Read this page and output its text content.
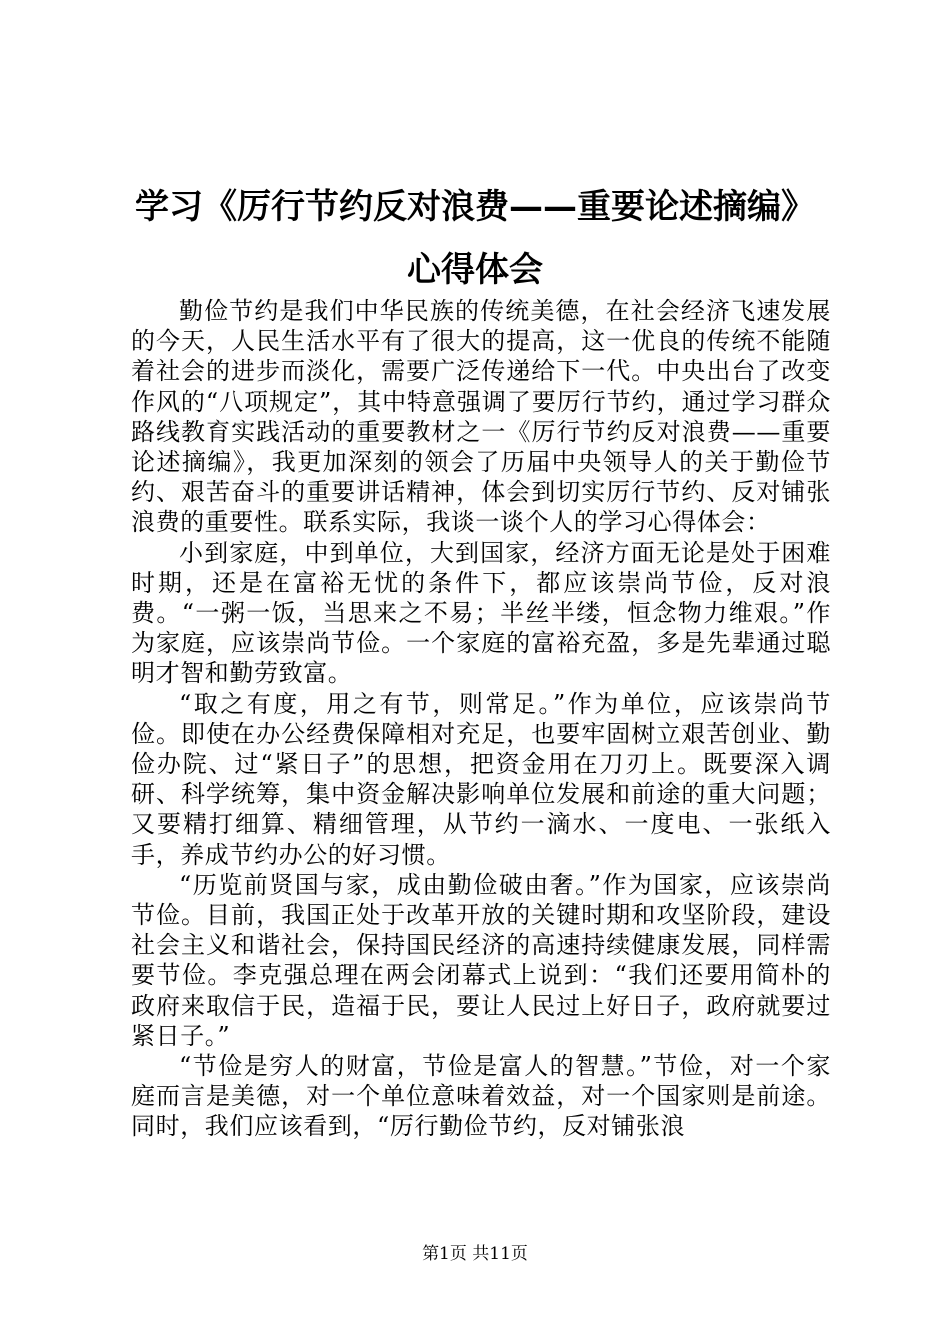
学习《厉行节约反对浪费——重要论述摘编》
心得体会

勤俭节约是我们中华民族的传统美德，在社会经济飞速发展的今天，人民生活水平有了很大的提高，这一优良的传统不能随着社会的进步而淡化，需要广泛传递给下一代。中央出台了改变作风的“八项规定”，其中特意强调了要厉行节约，通过学习群众路线教育实践活动的重要教材之一《厉行节约反对浪费——重要论述摘编》，我更加深刻的领会了历届中央领导人的关于勤俭节约、艰苦奋斗的重要讲话精神，体会到切实厉行节约、反对铺张浪费的重要性。联系实际，我谈一谈个人的学习心得体会：

小到家庭，中到单位，大到国家，经济方面无论是处于困难时期，还是在富裕无忧的条件下，都应该崇尚节俭，反对浪费。“一粥一饭，当思来之不易；半丝半缕，恒念物力维艰。”作为家庭，应该崇尚节俭。一个家庭的富裕充盈，多是先辈通过聪明才智和勤劳致富。

“取之有度，用之有节，则常足。”作为单位，应该崇尚节俭。即使在办公经费保障相对充足，也要牢固树立艰苦创业、勤俭办院、过“紧日子”的思想，把资金用在刀刃上。既要深入调研、科学统筹，集中资金解决影响单位发展和前途的重大问题；又要精打细算、精细管理，从节约一滴水、一度电、一张纸入手，养成节约办公的好习惯。

“历览前贤国与家，成由勤俭破由奢。”作为国家，应该崇尚节俭。目前，我国正处于改革开放的关键时期和攻坚阶段，建设社会主义和谐社会，保持国民经济的高速持续健康发展，同样需要节俭。李克强总理在两会闭幕式上说到：“我们还要用简朴的政府来取信于民，造福于民，要让人民过上好日子，政府就要过紧日子。”

“节俭是穷人的财富，节俭是富人的智慧。”节俭，对一个家庭而言是美德，对一个单位意味着效益，对一个国家则是前途。同时，我们应该看到，“厉行勤俭节约，反对铺张浪

第1页 共11页
